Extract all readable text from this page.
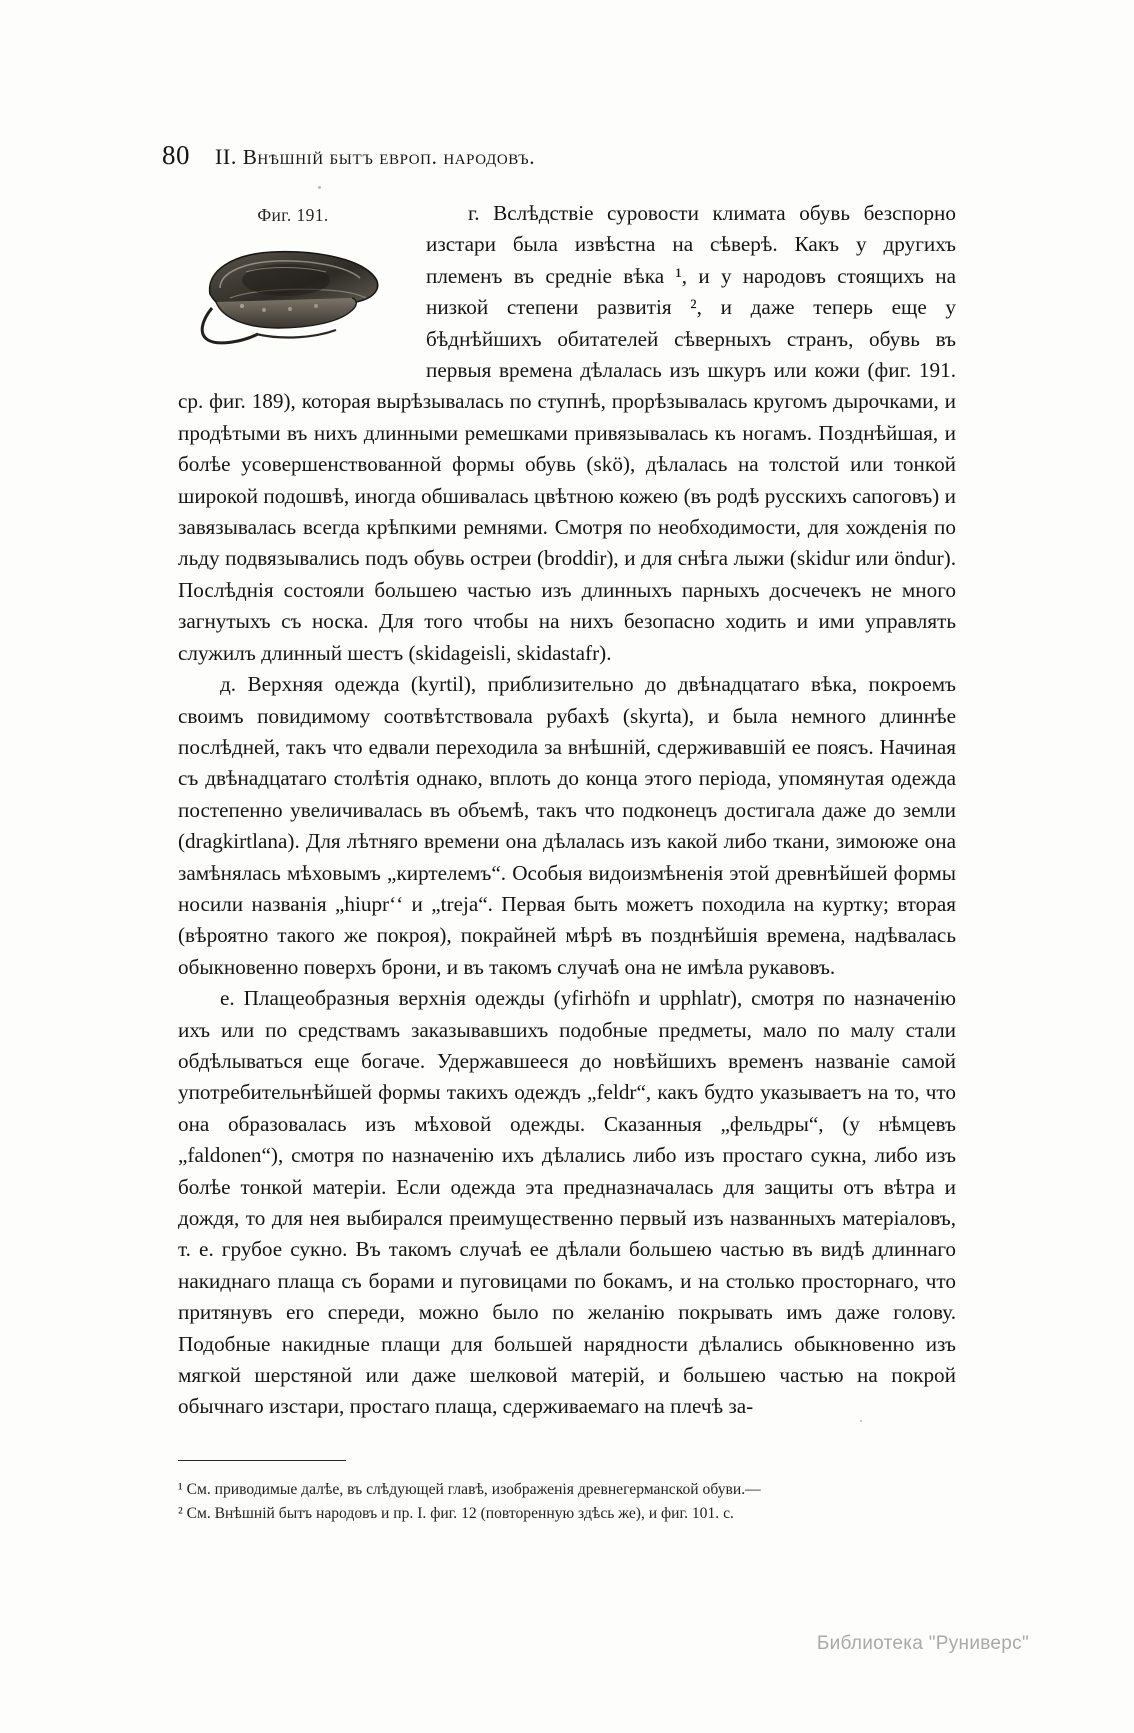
80 II. Внѣшній бытъ европ. народовъ.
Фиг. 191.	г. Вслѣдствіе суровости климата обувь безспорно изстари была извѣстна на сѣверѣ. Какъ у другихъ племенъ въ среднie вѣка ¹, и у народовъ стоящихъ на низкой степени развитія ², и даже теперь еще у бѣднѣйшихъ обитателей сѣверныхъ странъ, обувь въ первыя времена дѣлалась изъ шкуръ или кожи (фиг. 191. ср. фиг. 189), которая вырѣзывалась по ступнѣ, прорѣзывалась кругомъ дырочками, и продѣтыми въ нихъ длинными ремешками привязывалась къ ногамъ. Позднѣйшая, и болѣе усовершенствованной формы обувь (skö), дѣлалась на толстой или тонкой широкой подошвѣ, иногда обшивалась цвѣтною кожею (въ родѣ русскихъ сапоговъ) и завязывалась всегда крѣпкими ремнями. Смотря по необходимости, для хожденія по льду подвязывались подъ обувь остреи (broddir), и для снѣга лыжи (skidur или öndur). Послѣднія состояли большею частью изъ длинныхъ парныхъ досчечекъ не много загнутыхъ съ носка. Для того чтобы на нихъ безопасно ходить и ими управлять служилъ длинный шестъ (skidageisli, skidastafr).

д. Верхняя одежда (kyrtil), приблизительно до двѣнадцатаго вѣка, покроемъ своимъ повидимому соотвѣтствовала рубахѣ (skyrta), и была немного длиннѣе послѣдней, такъ что едвали переходила за внѣшній, сдерживавшій ее поясъ. Начиная съ двѣнадцатаго столѣтія однако, вплоть до конца этого періода, упомянутая одежда постепенно увеличивалась въ объемѣ, такъ что подконецъ достигала даже до земли (dragkirtlana). Для лѣтняго времени она дѣлалась изъ какой либо ткани, зимоюже она замѣнялась мѣховымъ „киртелемъ“. Особыя видоизмѣненія этой древнѣйшей формы носили названія „hiuprʻʻ и „treja“. Первая быть можетъ походила на куртку; вторая (вѣроятно такого же покроя), покрайней мѣрѣ въ позднѣйшія времена, надѣвалась обыкновенно поверхъ брони, и въ такомъ случаѣ она не имѣла рукавовъ.

е. Плащеобразныя верхнія одежды (yfirhöfn и upphlatr), смотря по назначенію ихъ или по средствамъ заказывавшихъ подобные предметы, мало по малу стали обдѣлываться еще богаче. Удержавшееся до новѣйшихъ временъ названіе самой употребительнѣйшей формы такихъ одеждъ „feldr“, какъ будто указываетъ на то, что она образовалась изъ мѣховой одежды. Сказанныя „фельдры“, (у нѣмцевъ „faldonen“), смотря по назначенію ихъ дѣлались либо изъ простаго сукна, либо изъ болѣе тонкой матеріи. Если одежда эта предназначалась для защиты отъ вѣтра и дождя, то для нея выбирался преимущественно первый изъ названныхъ матеріаловъ, т. е. грубое сукно. Въ такомъ случаѣ ее дѣлали большею частью въ видѣ длиннаго накиднаго плаща съ борами и пуговицами по бокамъ, и на столько просторнаго, что притянувъ его спереди, можно было по желанію покрывать имъ даже голову. Подобные накидные плащи для большей нарядности дѣлались обыкновенно изъ мягкой шерстяной или даже шелковой матерій, и большею частью на покрой обычнаго изстари, простаго плаща, сдерживаемаго на плечѣ за-

¹ См. приводимые далѣе, въ слѣдующей главѣ, изображенія древнегерманской обуви.—
² См. Внѣшній бытъ народовъ и пр. I. фиг. 12 (повторенную здѣсь же), и фиг. 101. с.
Библиотека "Руниверс"
